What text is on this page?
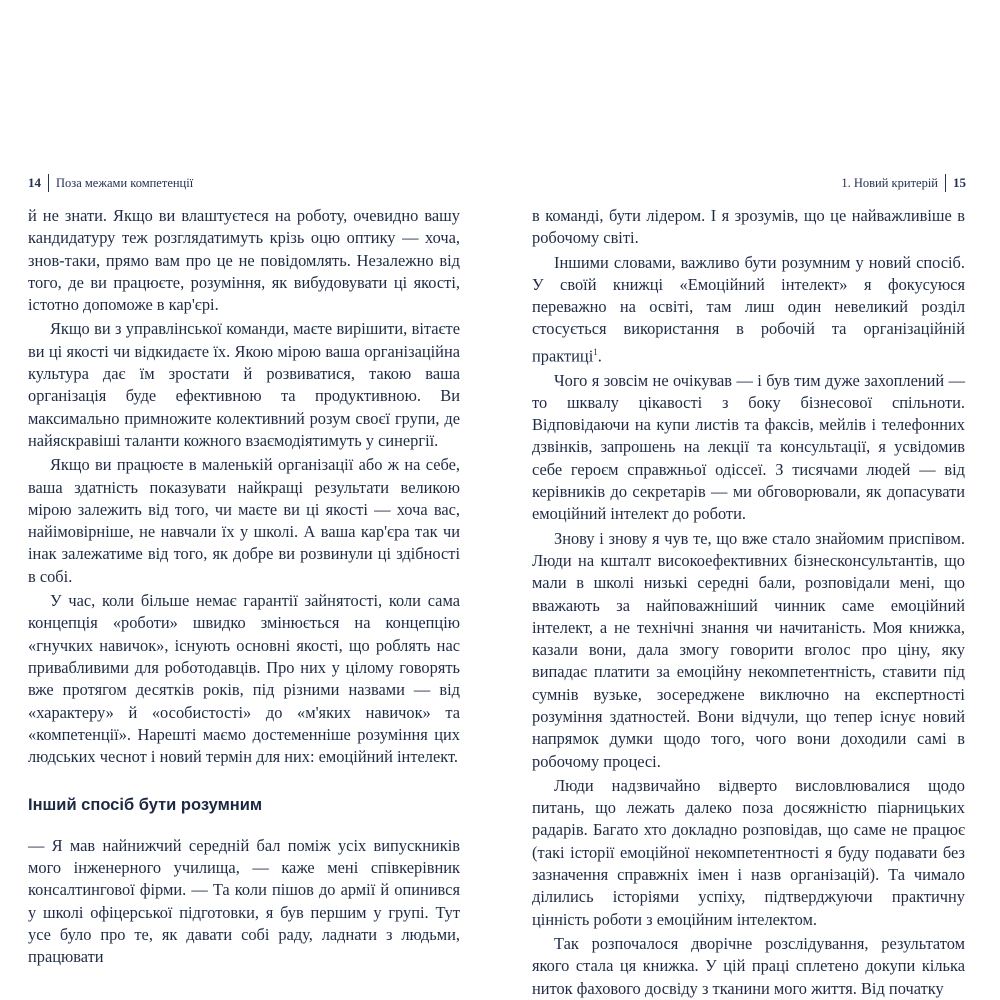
14 Поза межами компетенції	1. Новий критерій 15

й не знати. Якщо ви влаштуєтеся на роботу, очевидно вашу кандидатуру теж розглядатимуть крізь оцю оптику — хоча, знов-таки, прямо вам про це не повідомлять. Незалежно від того, де ви працюєте, розуміння, як вибудовувати ці якості, істотно допоможе в кар'єрі.

Якщо ви з управлінської команди, маєте вирішити, вітаєте ви ці якості чи відкидаєте їх. Якою мірою ваша організаційна культура дає їм зростати й розвиватися, такою ваша організація буде ефективною та продуктивною. Ви максимально примножите колективний розум своєї групи, де найяскравіші таланти кожного взаємодіятимуть у синергії.

Якщо ви працюєте в маленькій організації або ж на себе, ваша здатність показувати найкращі результати великою мірою залежить від того, чи маєте ви ці якості — хоча вас, найімовірніше, не навчали їх у школі. А ваша кар'єра так чи інак залежатиме від того, як добре ви розвинули ці здібності в собі.

У час, коли більше немає гарантії зайнятості, коли сама концепція «роботи» швидко змінюється на концепцію «гнучких навичок», існують основні якості, що роблять нас привабливими для роботодавців. Про них у цілому говорять вже протягом десятків років, під різними назвами — від «характеру» й «особистості» до «м'яких навичок» та «компетенції». Нарешті маємо достеменніше розуміння цих людських чеснот і новий термін для них: емоційний інтелект.

Інший спосіб бути розумним

— Я мав найнижчий середній бал поміж усіх випускників мого інженерного училища, — каже мені співкерівник консалтингової фірми. — Та коли пішов до армії й опинився у школі офіцерської підготовки, я був першим у групі. Тут усе було про те, як давати собі раду, ладнати з людьми, працювати

в команді, бути лідером. І я зрозумів, що це найважливіше в робочому світі.

Іншими словами, важливо бути розумним у новий спосіб. У своїй книжці «Емоційний інтелект» я фокусуюся переважно на освіті, там лиш один невеликий розділ стосується використання в робочій та організаційній практиці$^1$.

Чого я зовсім не очікував — і був тим дуже захоплений — то шквалу цікавості з боку бізнесової спільноти. Відповідаючи на купи листів та факсів, мейлів і телефонних дзвінків, запрошень на лекції та консультації, я усвідомив себе героєм справжньої одіссеї. З тисячами людей — від керівників до секретарів — ми обговорювали, як допасувати емоційний інтелект до роботи.

Знову і знову я чув те, що вже стало знайомим приспівом. Люди на кшталт високоефективних бізнесконсультантів, що мали в школі низькі середні бали, розповідали мені, що вважають за найповажніший чинник саме емоційний інтелект, а не технічні знання чи начитаність. Моя книжка, казали вони, дала змогу говорити вголос про ціну, яку випадає платити за емоційну некомпетентність, ставити під сумнів вузьке, зосереджене виключно на експертності розуміння здатностей. Вони відчули, що тепер існує новий напрямок думки щодо того, чого вони доходили самі в робочому процесі.

Люди надзвичайно відверто висловлювалися щодо питань, що лежать далеко поза досяжністю піарницьких радарів. Багато хто докладно розповідав, що саме не працює (такі історії емоційної некомпетентності я буду подавати без зазначення справжніх імен і назв організацій). Та чимало ділились історіями успіху, підтверджуючи практичну цінність роботи з емоційним інтелектом.

Так розпочалося дворічне розслідування, результатом якого стала ця книжка. У цій праці сплетено докупи кілька ниток фахового досвіду з тканини мого життя. Від початку
